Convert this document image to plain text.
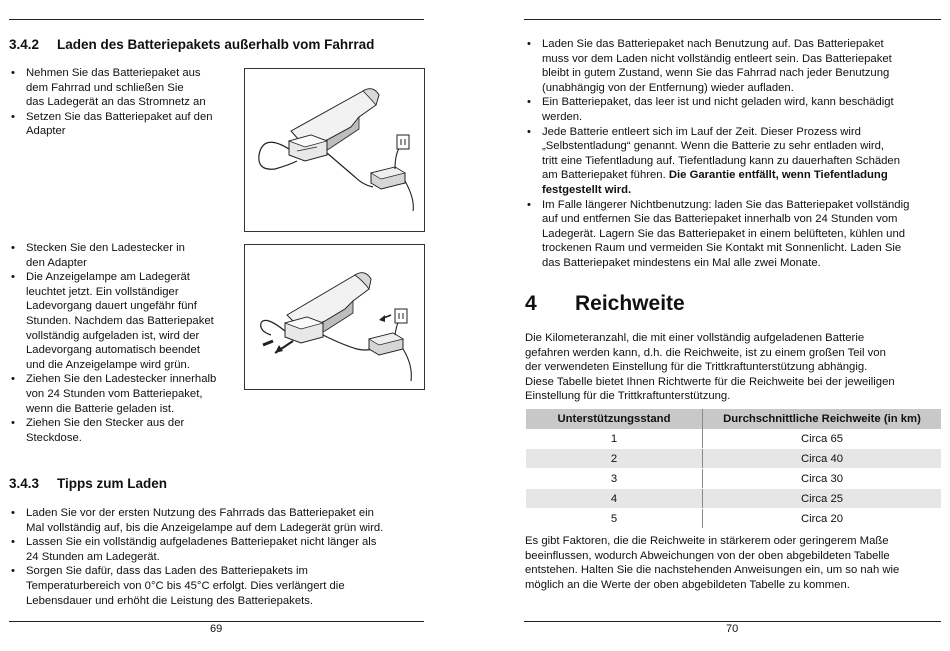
3.4.2 Laden des Batteriepakets außerhalb vom Fahrrad
• Nehmen Sie das Batteriepaket aus
dem Fahrrad und schließen Sie
das Ladegerät an das Stromnetz an
• Setzen Sie das Batteriepaket auf den
Adapter
• Stecken Sie den Ladestecker in
den Adapter
• Die Anzeigelampe am Ladegerät
leuchtet jetzt. Ein vollständiger
Ladevorgang dauert ungefähr fünf
Stunden. Nachdem das Batteriepaket
vollständig aufgeladen ist, wird der
Ladevorgang automatisch beendet
und die Anzeigelampe wird grün.
• Ziehen Sie den Ladestecker innerhalb
von 24 Stunden vom Batteriepaket,
wenn die Batterie geladen ist.
• Ziehen Sie den Stecker aus der
Steckdose.
3.4.3 Tipps zum Laden
• Laden Sie vor der ersten Nutzung des Fahrrads das Batteriepaket ein
Mal vollständig auf, bis die Anzeigelampe auf dem Ladegerät grün wird.
• Lassen Sie ein vollständig aufgeladenes Batteriepaket nicht länger als
24 Stunden am Ladegerät.
• Sorgen Sie dafür, dass das Laden des Batteriepakets im
Temperaturbereich von 0°C bis 45°C erfolgt. Dies verlängert die
Lebensdauer und erhöht die Leistung des Batteriepakets.
69
• Laden Sie das Batteriepaket nach Benutzung auf. Das Batteriepaket
muss vor dem Laden nicht vollständig entleert sein. Das Batteriepaket
bleibt in gutem Zustand, wenn Sie das Fahrrad nach jeder Benutzung
(unabhängig von der Entfernung) wieder aufladen.
• Ein Batteriepaket, das leer ist und nicht geladen wird, kann beschädigt
werden.
• Jede Batterie entleert sich im Lauf der Zeit. Dieser Prozess wird
„Selbstentladung“ genannt. Wenn die Batterie zu sehr entladen wird,
tritt eine Tiefentladung auf. Tiefentladung kann zu dauerhaften Schäden
am Batteriepaket führen. Die Garantie entfällt, wenn Tiefentladung
festgestellt wird.
• Im Falle längerer Nichtbenutzung: laden Sie das Batteriepaket vollständig
auf und entfernen Sie das Batteriepaket innerhalb von 24 Stunden vom
Ladegerät. Lagern Sie das Batteriepaket in einem belüfteten, kühlen und
trockenen Raum und vermeiden Sie Kontakt mit Sonnenlicht. Laden Sie
das Batteriepaket mindestens ein Mal alle zwei Monate.
4 Reichweite
Die Kilometeranzahl, die mit einer vollständig aufgeladenen Batterie
gefahren werden kann, d.h. die Reichweite, ist zu einem großen Teil von
der verwendeten Einstellung für die Trittkraftunterstützung abhängig.
Diese Tabelle bietet Ihnen Richtwerte für die Reichweite bei der jeweiligen
Einstellung für die Trittkraftunterstützung.
Unterstützungsstand	Durchschnittliche Reichweite (in km)
1	Circa 65
2	Circa 40
3	Circa 30
4	Circa 25
5	Circa 20
Es gibt Faktoren, die die Reichweite in stärkerem oder geringerem Maße
beeinflussen, wodurch Abweichungen von der oben abgebildeten Tabelle
entstehen. Halten Sie die nachstehenden Anweisungen ein, um so nah wie
möglich an die Werte der oben abgebildeten Tabelle zu kommen.
70
